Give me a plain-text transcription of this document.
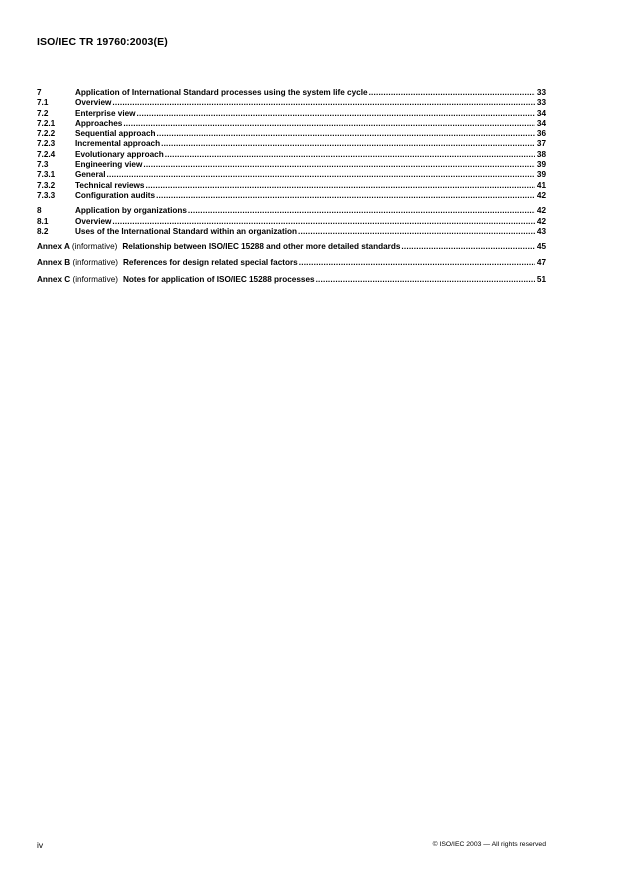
ISO/IEC TR 19760:2003(E)
7	Application of International Standard processes using the system life cycle .....	33
7.1	Overview .....	33
7.2	Enterprise view .....	34
7.2.1	Approaches .....	34
7.2.2	Sequential approach .....	36
7.2.3	Incremental approach .....	37
7.2.4	Evolutionary approach .....	38
7.3	Engineering view .....	39
7.3.1	General .....	39
7.3.2	Technical reviews .....	41
7.3.3	Configuration audits .....	42
8	Application by organizations .....	42
8.1	Overview .....	42
8.2	Uses of the International Standard within an organization .....	43
Annex A (informative) Relationship between ISO/IEC 15288 and other more detailed standards .....	45
Annex B (informative) References for design related special factors .....	47
Annex C (informative) Notes for application of ISO/IEC 15288 processes .....	51
iv	© ISO/IEC 2003 — All rights reserved
